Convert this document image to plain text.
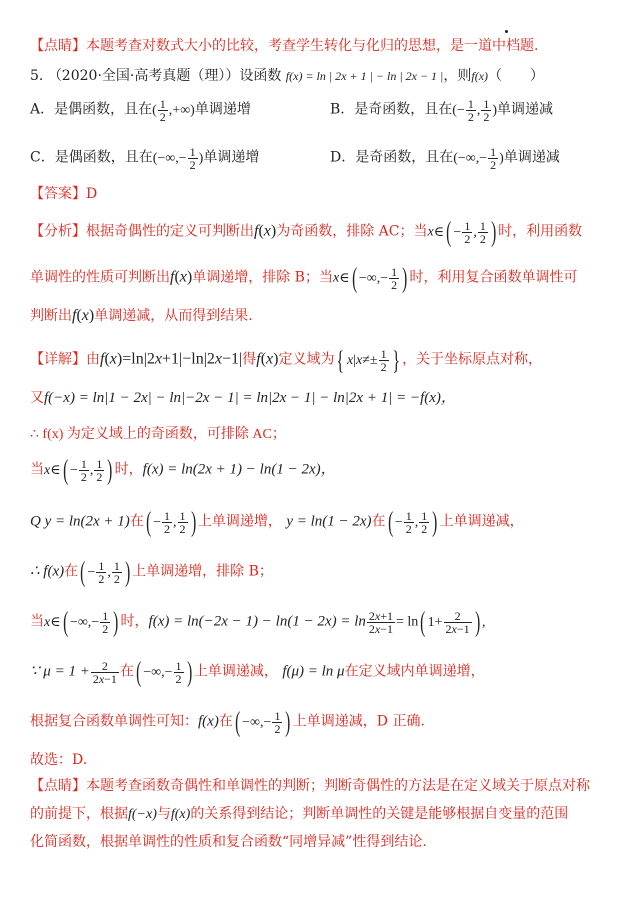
【点睛】本题考查对数式大小的比较，考查学生转化与化归的思想，是一道中档题.
5. （2020·全国·高考真题（理））设函数 f(x) = ln | 2x + 1 | − ln | 2x − 1 |，则f(x)（　　）
A．是偶函数，且在( $\frac{1}{2}$ ,+∞)单调递增	B．是奇函数，且在(− $\frac{1}{2}$ , $\frac{1}{2}$ )单调递减
C．是偶函数，且在(−∞,− $\frac{1}{2}$ )单调递增	D．是奇函数，且在(−∞,− $\frac{1}{2}$ )单调递减
【答案】D
【分析】根据奇偶性的定义可判断出f(x)为奇函数，排除 AC；当x∈( − $\frac{1}{2}$ , $\frac{1}{2}$ ) 时，利用函数
单调性的性质可判断出f(x)单调递增，排除 B；当x∈( −∞,− $\frac{1}{2}$ ) 时，利用复合函数单调性可
判断出f(x)单调递减，从而得到结果.
【详解】由f(x)=ln|2x+1|−ln|2x−1|得f(x)定义域为{ $x|x\ne\pm \frac{1}{2}$ } ，关于坐标原点对称，
又f(−x) = ln|1 − 2x| − ln|−2x − 1| = ln|2x − 1| − ln|2x + 1| = −f(x)，
∴ f(x) 为定义域上的奇函数，可排除 AC；
当x∈( − $\frac{1}{2}$ , $\frac{1}{2}$ ) 时，f(x) = ln(2x + 1) − ln(1 − 2x)，
Q y = ln(2x + 1)在( − $\frac{1}{2}$ , $\frac{1}{2}$ ) 上单调递增， y = ln(1 − 2x)在( − $\frac{1}{2}$ , $\frac{1}{2}$ ) 上单调递减，
∴ f(x)在( − $\frac{1}{2}$ , $\frac{1}{2}$ ) 上单调递增，排除 B；
当x∈( −∞,− $\frac{1}{2}$ ) 时，$f(x) = \ln(-2x - 1) - \ln(1 - 2x) = \ln \frac{2x+1}{2x-1} = \ln$( $1+ \frac{2}{2x-1}$ ) ,
∵ $\mu = 1 + \frac{2}{2x-1}$ 在( −∞,− $\frac{1}{2}$ ) 上单调递减， f(μ) = ln μ在定义域内单调递增，
根据复合函数单调性可知：f(x)在( −∞,− $\frac{1}{2}$ ) 上单调递减，D 正确.
故选：D.
【点睛】本题考查函数奇偶性和单调性的判断；判断奇偶性的方法是在定义域关于原点对称
的前提下，根据f(−x)与f(x)的关系得到结论；判断单调性的关键是能够根据自变量的范围
化简函数，根据单调性的性质和复合函数“同增异减”性得到结论.
